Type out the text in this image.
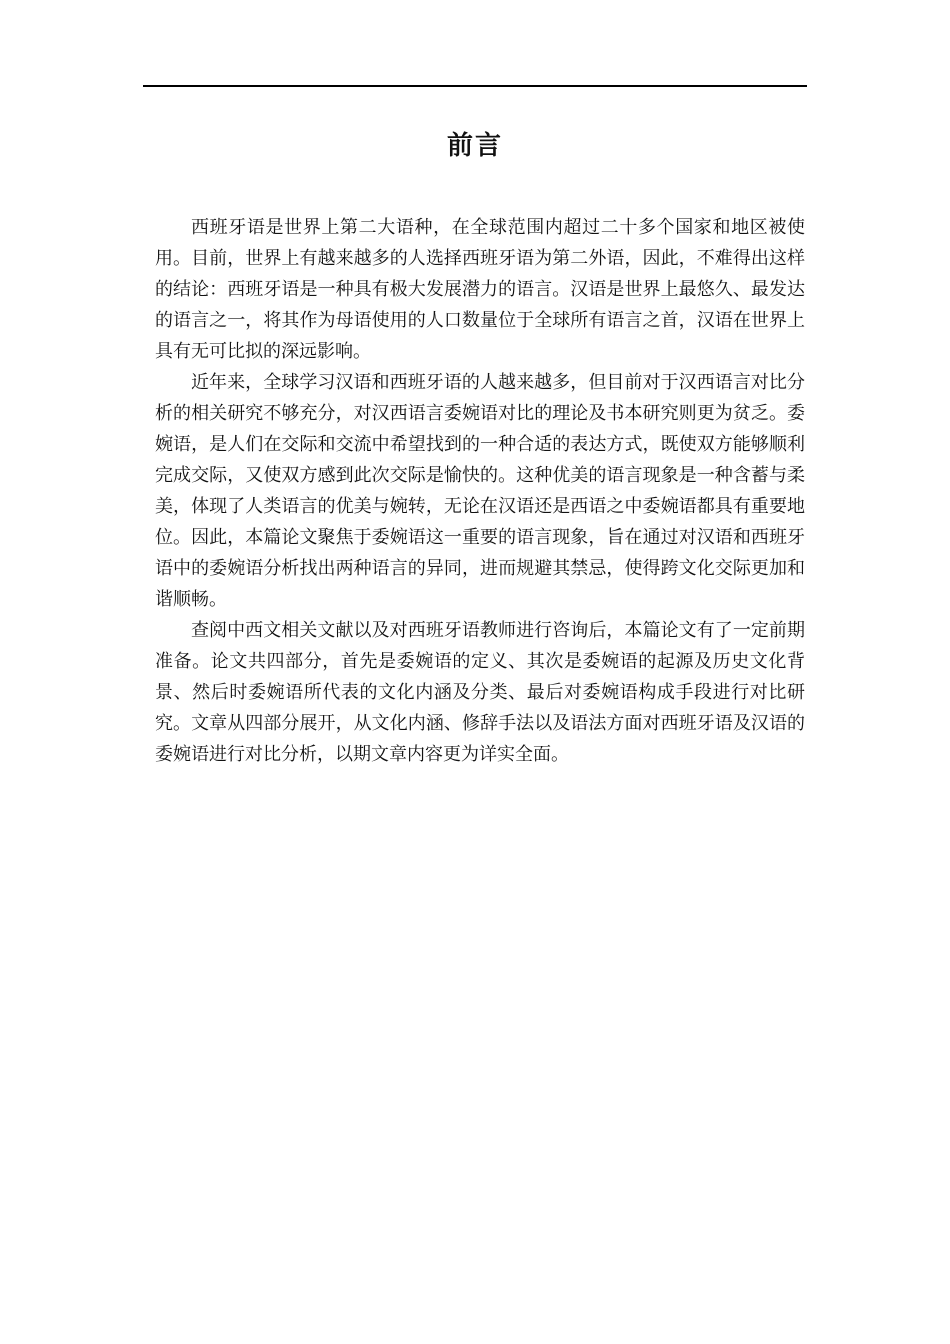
前言

西班牙语是世界上第二大语种，在全球范围内超过二十多个国家和地区被使用。目前，世界上有越来越多的人选择西班牙语为第二外语，因此，不难得出这样的结论：西班牙语是一种具有极大发展潜力的语言。汉语是世界上最悠久、最发达的语言之一，将其作为母语使用的人口数量位于全球所有语言之首，汉语在世界上具有无可比拟的深远影响。

近年来，全球学习汉语和西班牙语的人越来越多，但目前对于汉西语言对比分析的相关研究不够充分，对汉西语言委婉语对比的理论及书本研究则更为贫乏。委婉语，是人们在交际和交流中希望找到的一种合适的表达方式，既使双方能够顺利完成交际，又使双方感到此次交际是愉快的。这种优美的语言现象是一种含蓄与柔美，体现了人类语言的优美与婉转，无论在汉语还是西语之中委婉语都具有重要地位。因此，本篇论文聚焦于委婉语这一重要的语言现象，旨在通过对汉语和西班牙语中的委婉语分析找出两种语言的异同，进而规避其禁忌，使得跨文化交际更加和谐顺畅。

查阅中西文相关文献以及对西班牙语教师进行咨询后，本篇论文有了一定前期准备。论文共四部分，首先是委婉语的定义、其次是委婉语的起源及历史文化背景、然后时委婉语所代表的文化内涵及分类、最后对委婉语构成手段进行对比研究。文章从四部分展开，从文化内涵、修辞手法以及语法方面对西班牙语及汉语的委婉语进行对比分析，以期文章内容更为详实全面。
